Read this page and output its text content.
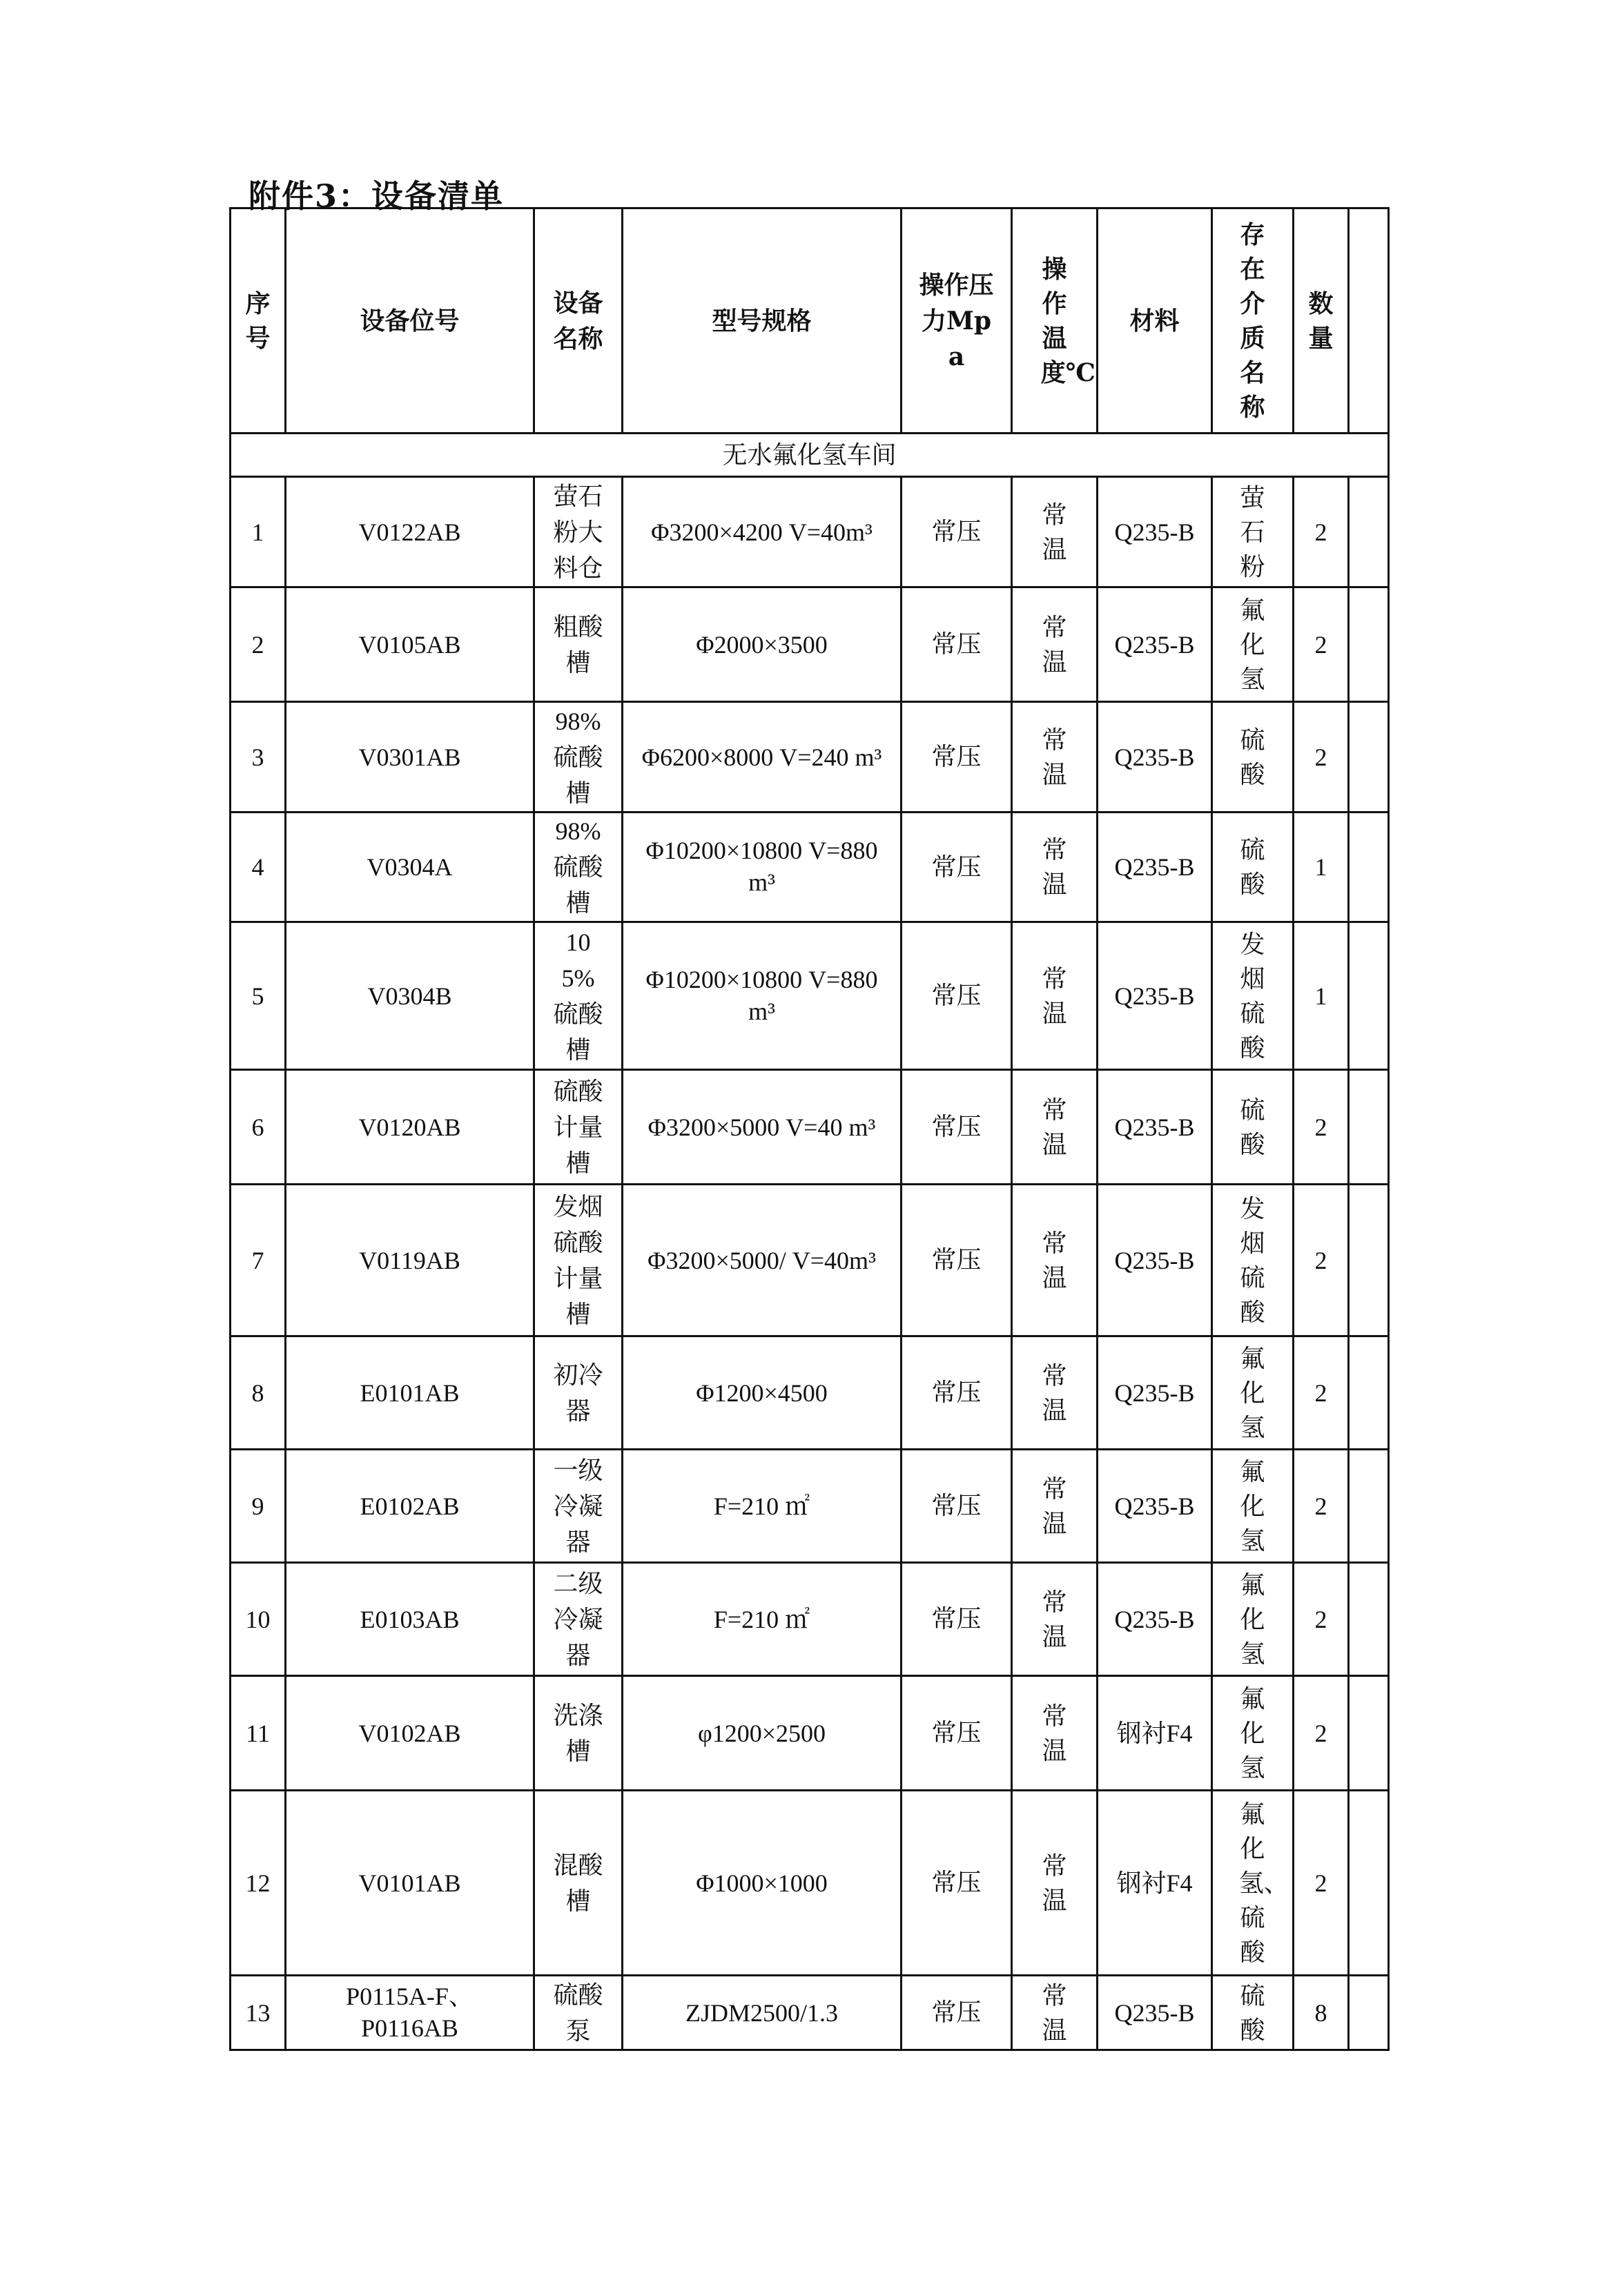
附件3：设备清单
序号	设备位号	设备名称	型号规格	操作压力Mpa	操作温度℃	材料	存在介质名称	数量	
无水氟化氢车间									
1	V0122AB	萤石粉大料仓	Φ3200×4200 V=40m³	常压	常温	Q235-B	萤石粉	2	
2	V0105AB	粗酸槽	Φ2000×3500	常压	常温	Q235-B	氟化氢	2	
3	V0301AB	98%硫酸槽	Φ6200×8000 V=240 m³	常压	常温	Q235-B	硫酸	2	
4	V0304A	98%硫酸槽	Φ10200×10800 V=880 m³	常压	常温	Q235-B	硫酸	1	
5	V0304B	105%硫酸槽	Φ10200×10800 V=880 m³	常压	常温	Q235-B	发烟硫酸	1	
6	V0120AB	硫酸计量槽	Φ3200×5000 V=40 m³	常压	常温	Q235-B	硫酸	2	
7	V0119AB	发烟硫酸计量槽	Φ3200×5000/ V=40m³	常压	常温	Q235-B	发烟硫酸	2	
8	E0101AB	初冷器	Φ1200×4500	常压	常温	Q235-B	氟化氢	2	
9	E0102AB	一级冷凝器	F=210 ㎡	常压	常温	Q235-B	氟化氢	2	
10	E0103AB	二级冷凝器	F=210 ㎡	常压	常温	Q235-B	氟化氢	2	
11	V0102AB	洗涤槽	φ1200×2500	常压	常温	钢衬F4	氟化氢	2	
12	V0101AB	混酸槽	Φ1000×1000	常压	常温	钢衬F4	氟化氢、硫酸	2	
13	P0115A-F、P0116AB	硫酸泵	ZJDM2500/1.3	常压	常温	Q235-B	硫酸	8	
